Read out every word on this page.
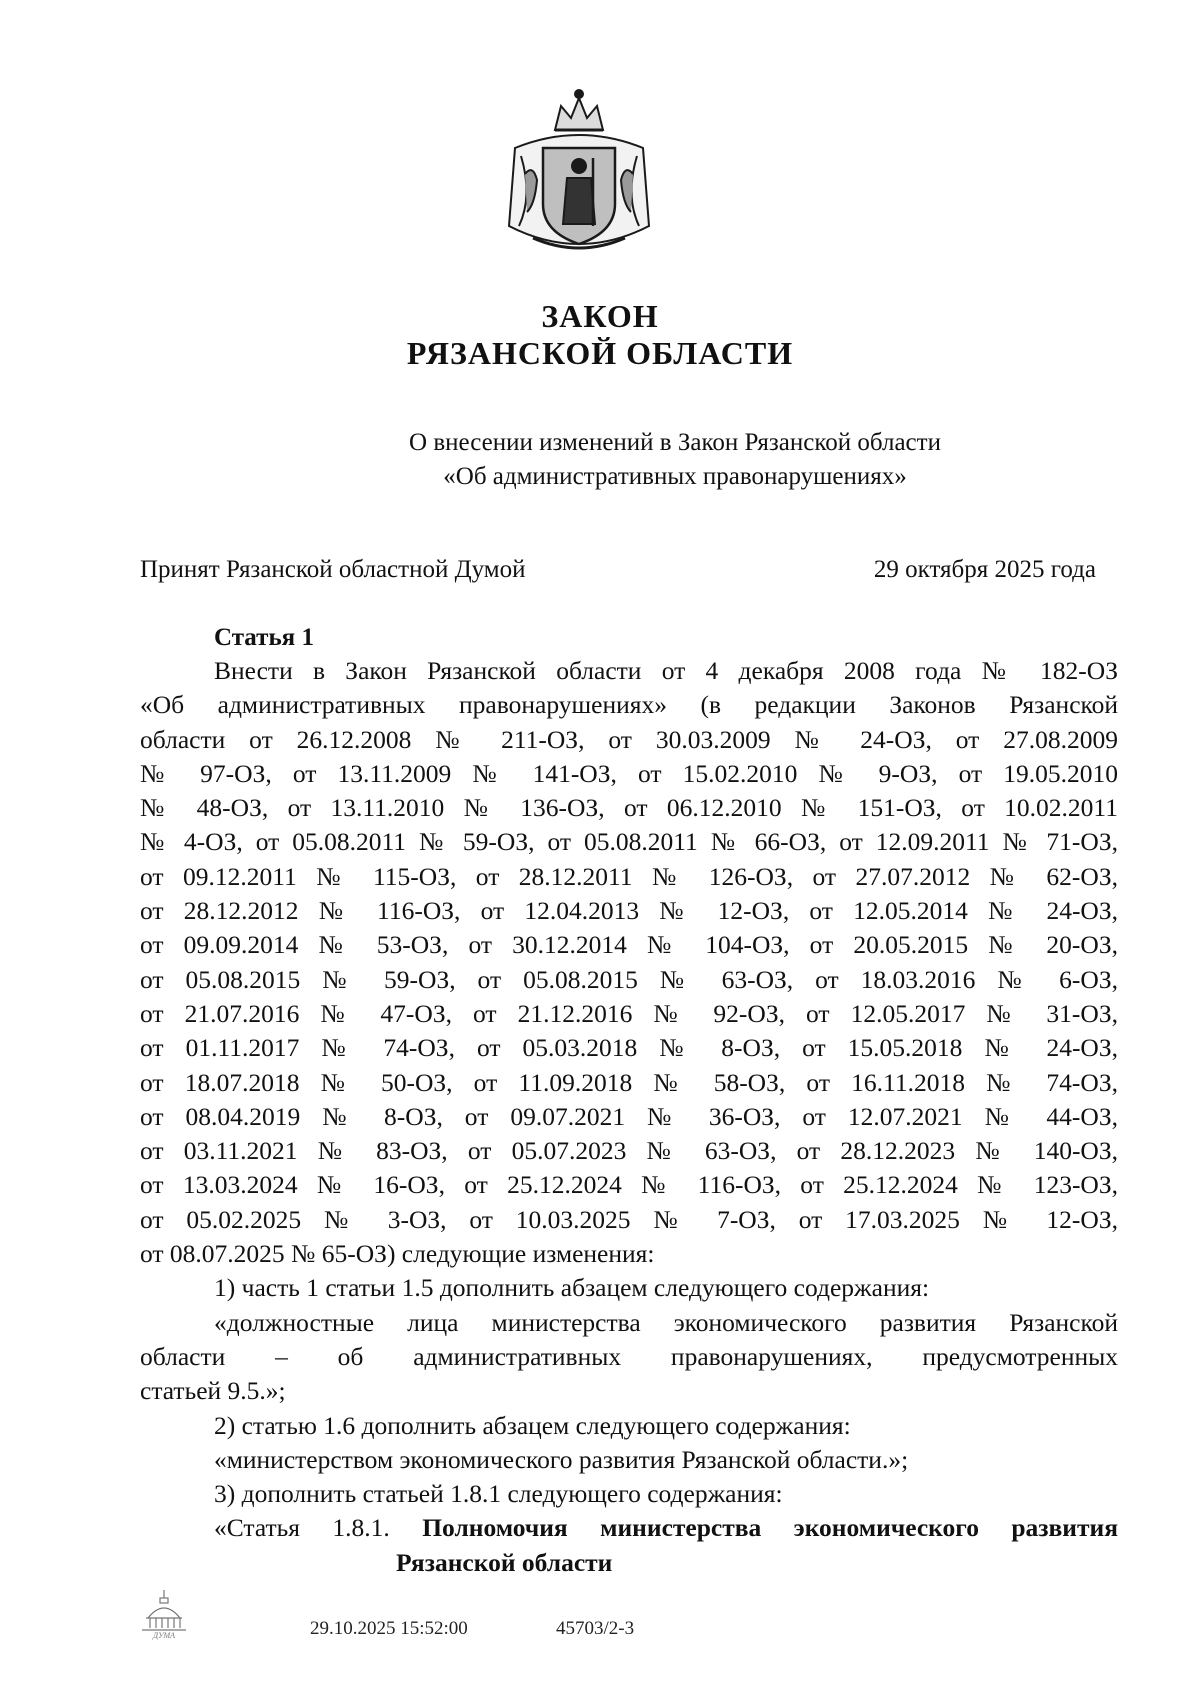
ЗАКОН
РЯЗАНСКОЙ ОБЛАСТИ
О внесении изменений в Закон Рязанской области
«Об административных правонарушениях»
Принят Рязанской областной Думой	29 октября 2025 года
Статья 1
Внести в Закон Рязанской области от 4 декабря 2008 года № 182-ОЗ
«Об административных правонарушениях» (в редакции Законов Рязанской
области от 26.12.2008 № 211-ОЗ, от 30.03.2009 № 24-ОЗ, от 27.08.2009
№ 97-ОЗ, от 13.11.2009 № 141-ОЗ, от 15.02.2010 № 9-ОЗ, от 19.05.2010
№ 48-ОЗ, от 13.11.2010 № 136-ОЗ, от 06.12.2010 № 151-ОЗ, от 10.02.2011
№ 4-ОЗ, от 05.08.2011 № 59-ОЗ, от 05.08.2011 № 66-ОЗ, от 12.09.2011 № 71-ОЗ,
от 09.12.2011 № 115-ОЗ, от 28.12.2011 № 126-ОЗ, от 27.07.2012 № 62-ОЗ,
от 28.12.2012 № 116-ОЗ, от 12.04.2013 № 12-ОЗ, от 12.05.2014 № 24-ОЗ,
от 09.09.2014 № 53-ОЗ, от 30.12.2014 № 104-ОЗ, от 20.05.2015 № 20-ОЗ,
от 05.08.2015 № 59-ОЗ, от 05.08.2015 № 63-ОЗ, от 18.03.2016 № 6-ОЗ,
от 21.07.2016 № 47-ОЗ, от 21.12.2016 № 92-ОЗ, от 12.05.2017 № 31-ОЗ,
от 01.11.2017 № 74-ОЗ, от 05.03.2018 № 8-ОЗ, от 15.05.2018 № 24-ОЗ,
от 18.07.2018 № 50-ОЗ, от 11.09.2018 № 58-ОЗ, от 16.11.2018 № 74-ОЗ,
от 08.04.2019 № 8-ОЗ, от 09.07.2021 № 36-ОЗ, от 12.07.2021 № 44-ОЗ,
от 03.11.2021 № 83-ОЗ, от 05.07.2023 № 63-ОЗ, от 28.12.2023 № 140-ОЗ,
от 13.03.2024 № 16-ОЗ, от 25.12.2024 № 116-ОЗ, от 25.12.2024 № 123-ОЗ,
от 05.02.2025 № 3-ОЗ, от 10.03.2025 № 7-ОЗ, от 17.03.2025 № 12-ОЗ,
от 08.07.2025 № 65-ОЗ) следующие изменения:
1) часть 1 статьи 1.5 дополнить абзацем следующего содержания:
«должностные лица министерства экономического развития Рязанской
области – об административных правонарушениях, предусмотренных
статьей 9.5.»;
2) статью 1.6 дополнить абзацем следующего содержания:
«министерством экономического развития Рязанской области.»;
3) дополнить статьей 1.8.1 следующего содержания:
«Статья 1.8.1. Полномочия министерства экономического развития
Рязанской области
ДУМА	29.10.2025 15:52:00	45703/2-3
